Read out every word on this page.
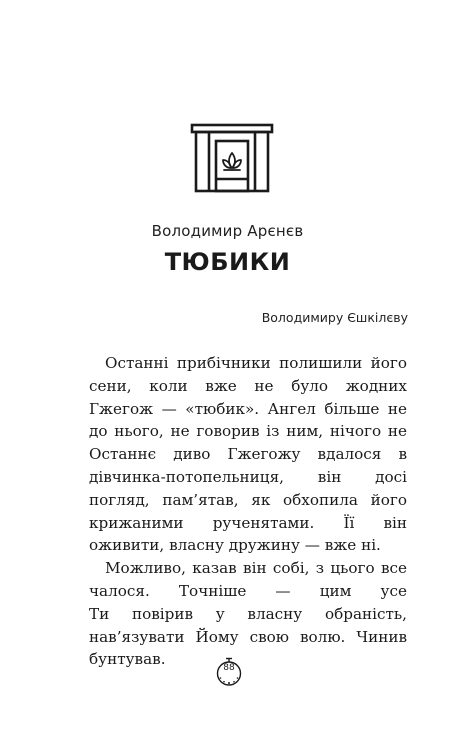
Володимир Арєнєв
ТЮБИКИ
Володимиру Єшкілєву
Останні прибічники полишили його
сени, коли вже не було жодних
Гжегож — «тюбик». Ангел більше не
до нього, не говорив із ним, нічого не
Останнє диво Гжегожу вдалося в
дівчинка-потопельниця, він досі
погляд, пам’ятав, як обхопила його
крижаними рученятами. Її він
оживити, власну дружину — вже ні.
Можливо, казав він собі, з цього все
чалося. Точніше — цим усе
Ти повірив у власну обраність,
нав’язувати Йому свою волю. Чинив
бунтував.	88
